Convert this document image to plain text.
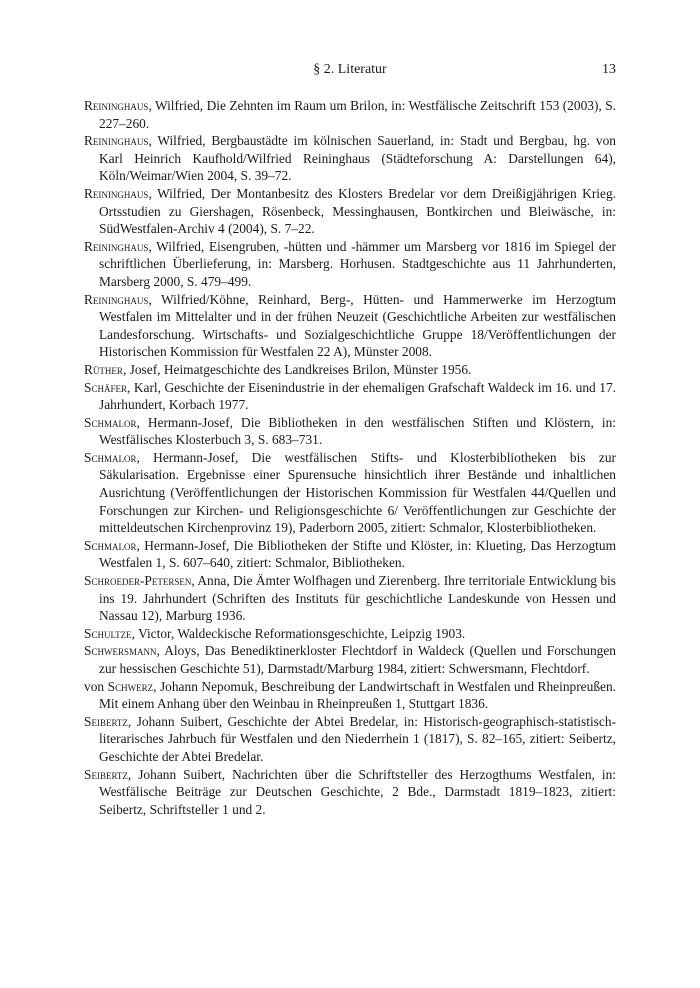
§ 2. Literatur	13

Reininghaus, Wilfried, Die Zehnten im Raum um Brilon, in: Westfälische Zeitschrift 153 (2003), S. 227–260.

Reininghaus, Wilfried, Bergbaustädte im kölnischen Sauerland, in: Stadt und Bergbau, hg. von Karl Heinrich Kaufhold/Wilfried Reininghaus (Städteforschung A: Darstellungen 64), Köln/Weimar/Wien 2004, S. 39–72.

Reininghaus, Wilfried, Der Montanbesitz des Klosters Bredelar vor dem Dreißigjährigen Krieg. Ortsstudien zu Giershagen, Rösenbeck, Messinghausen, Bontkirchen und Bleiwäsche, in: SüdWestfalen-Archiv 4 (2004), S. 7–22.

Reininghaus, Wilfried, Eisengruben, -hütten und -hämmer um Marsberg vor 1816 im Spiegel der schriftlichen Überlieferung, in: Marsberg. Horhusen. Stadtgeschichte aus 11 Jahrhunderten, Marsberg 2000, S. 479–499.

Reininghaus, Wilfried/Köhne, Reinhard, Berg-, Hütten- und Hammerwerke im Herzogtum Westfalen im Mittelalter und in der frühen Neuzeit (Geschichtliche Arbeiten zur westfälischen Landesforschung. Wirtschafts- und Sozialgeschichtliche Gruppe 18/Veröffentlichungen der Historischen Kommission für Westfalen 22 A), Münster 2008.

Rüther, Josef, Heimatgeschichte des Landkreises Brilon, Münster 1956.

Schäfer, Karl, Geschichte der Eisenindustrie in der ehemaligen Grafschaft Waldeck im 16. und 17. Jahrhundert, Korbach 1977.

Schmalor, Hermann-Josef, Die Bibliotheken in den westfälischen Stiften und Klöstern, in: Westfälisches Klosterbuch 3, S. 683–731.

Schmalor, Hermann-Josef, Die westfälischen Stifts- und Klosterbibliotheken bis zur Säkularisation. Ergebnisse einer Spurensuche hinsichtlich ihrer Bestände und inhaltlichen Ausrichtung (Veröffentlichungen der Historischen Kommission für Westfalen 44/Quellen und Forschungen zur Kirchen- und Religionsgeschichte 6/ Veröffentlichungen zur Geschichte der mitteldeutschen Kirchenprovinz 19), Paderborn 2005, zitiert: Schmalor, Klosterbibliotheken.

Schmalor, Hermann-Josef, Die Bibliotheken der Stifte und Klöster, in: Klueting, Das Herzogtum Westfalen 1, S. 607–640, zitiert: Schmalor, Bibliotheken.

Schroeder-Petersen, Anna, Die Ämter Wolfhagen und Zierenberg. Ihre territoriale Entwicklung bis ins 19. Jahrhundert (Schriften des Instituts für geschichtliche Landeskunde von Hessen und Nassau 12), Marburg 1936.

Schultze, Victor, Waldeckische Reformationsgeschichte, Leipzig 1903.

Schwersmann, Aloys, Das Benediktinerkloster Flechtdorf in Waldeck (Quellen und Forschungen zur hessischen Geschichte 51), Darmstadt/Marburg 1984, zitiert: Schwersmann, Flechtdorf.

von Schwerz, Johann Nepomuk, Beschreibung der Landwirtschaft in Westfalen und Rheinpreußen. Mit einem Anhang über den Weinbau in Rheinpreußen 1, Stuttgart 1836.

Seibertz, Johann Suibert, Geschichte der Abtei Bredelar, in: Historisch-geographisch-statistisch-literarisches Jahrbuch für Westfalen und den Niederrhein 1 (1817), S. 82–165, zitiert: Seibertz, Geschichte der Abtei Bredelar.

Seibertz, Johann Suibert, Nachrichten über die Schriftsteller des Herzogthums Westfalen, in: Westfälische Beiträge zur Deutschen Geschichte, 2 Bde., Darmstadt 1819–1823, zitiert: Seibertz, Schriftsteller 1 und 2.
